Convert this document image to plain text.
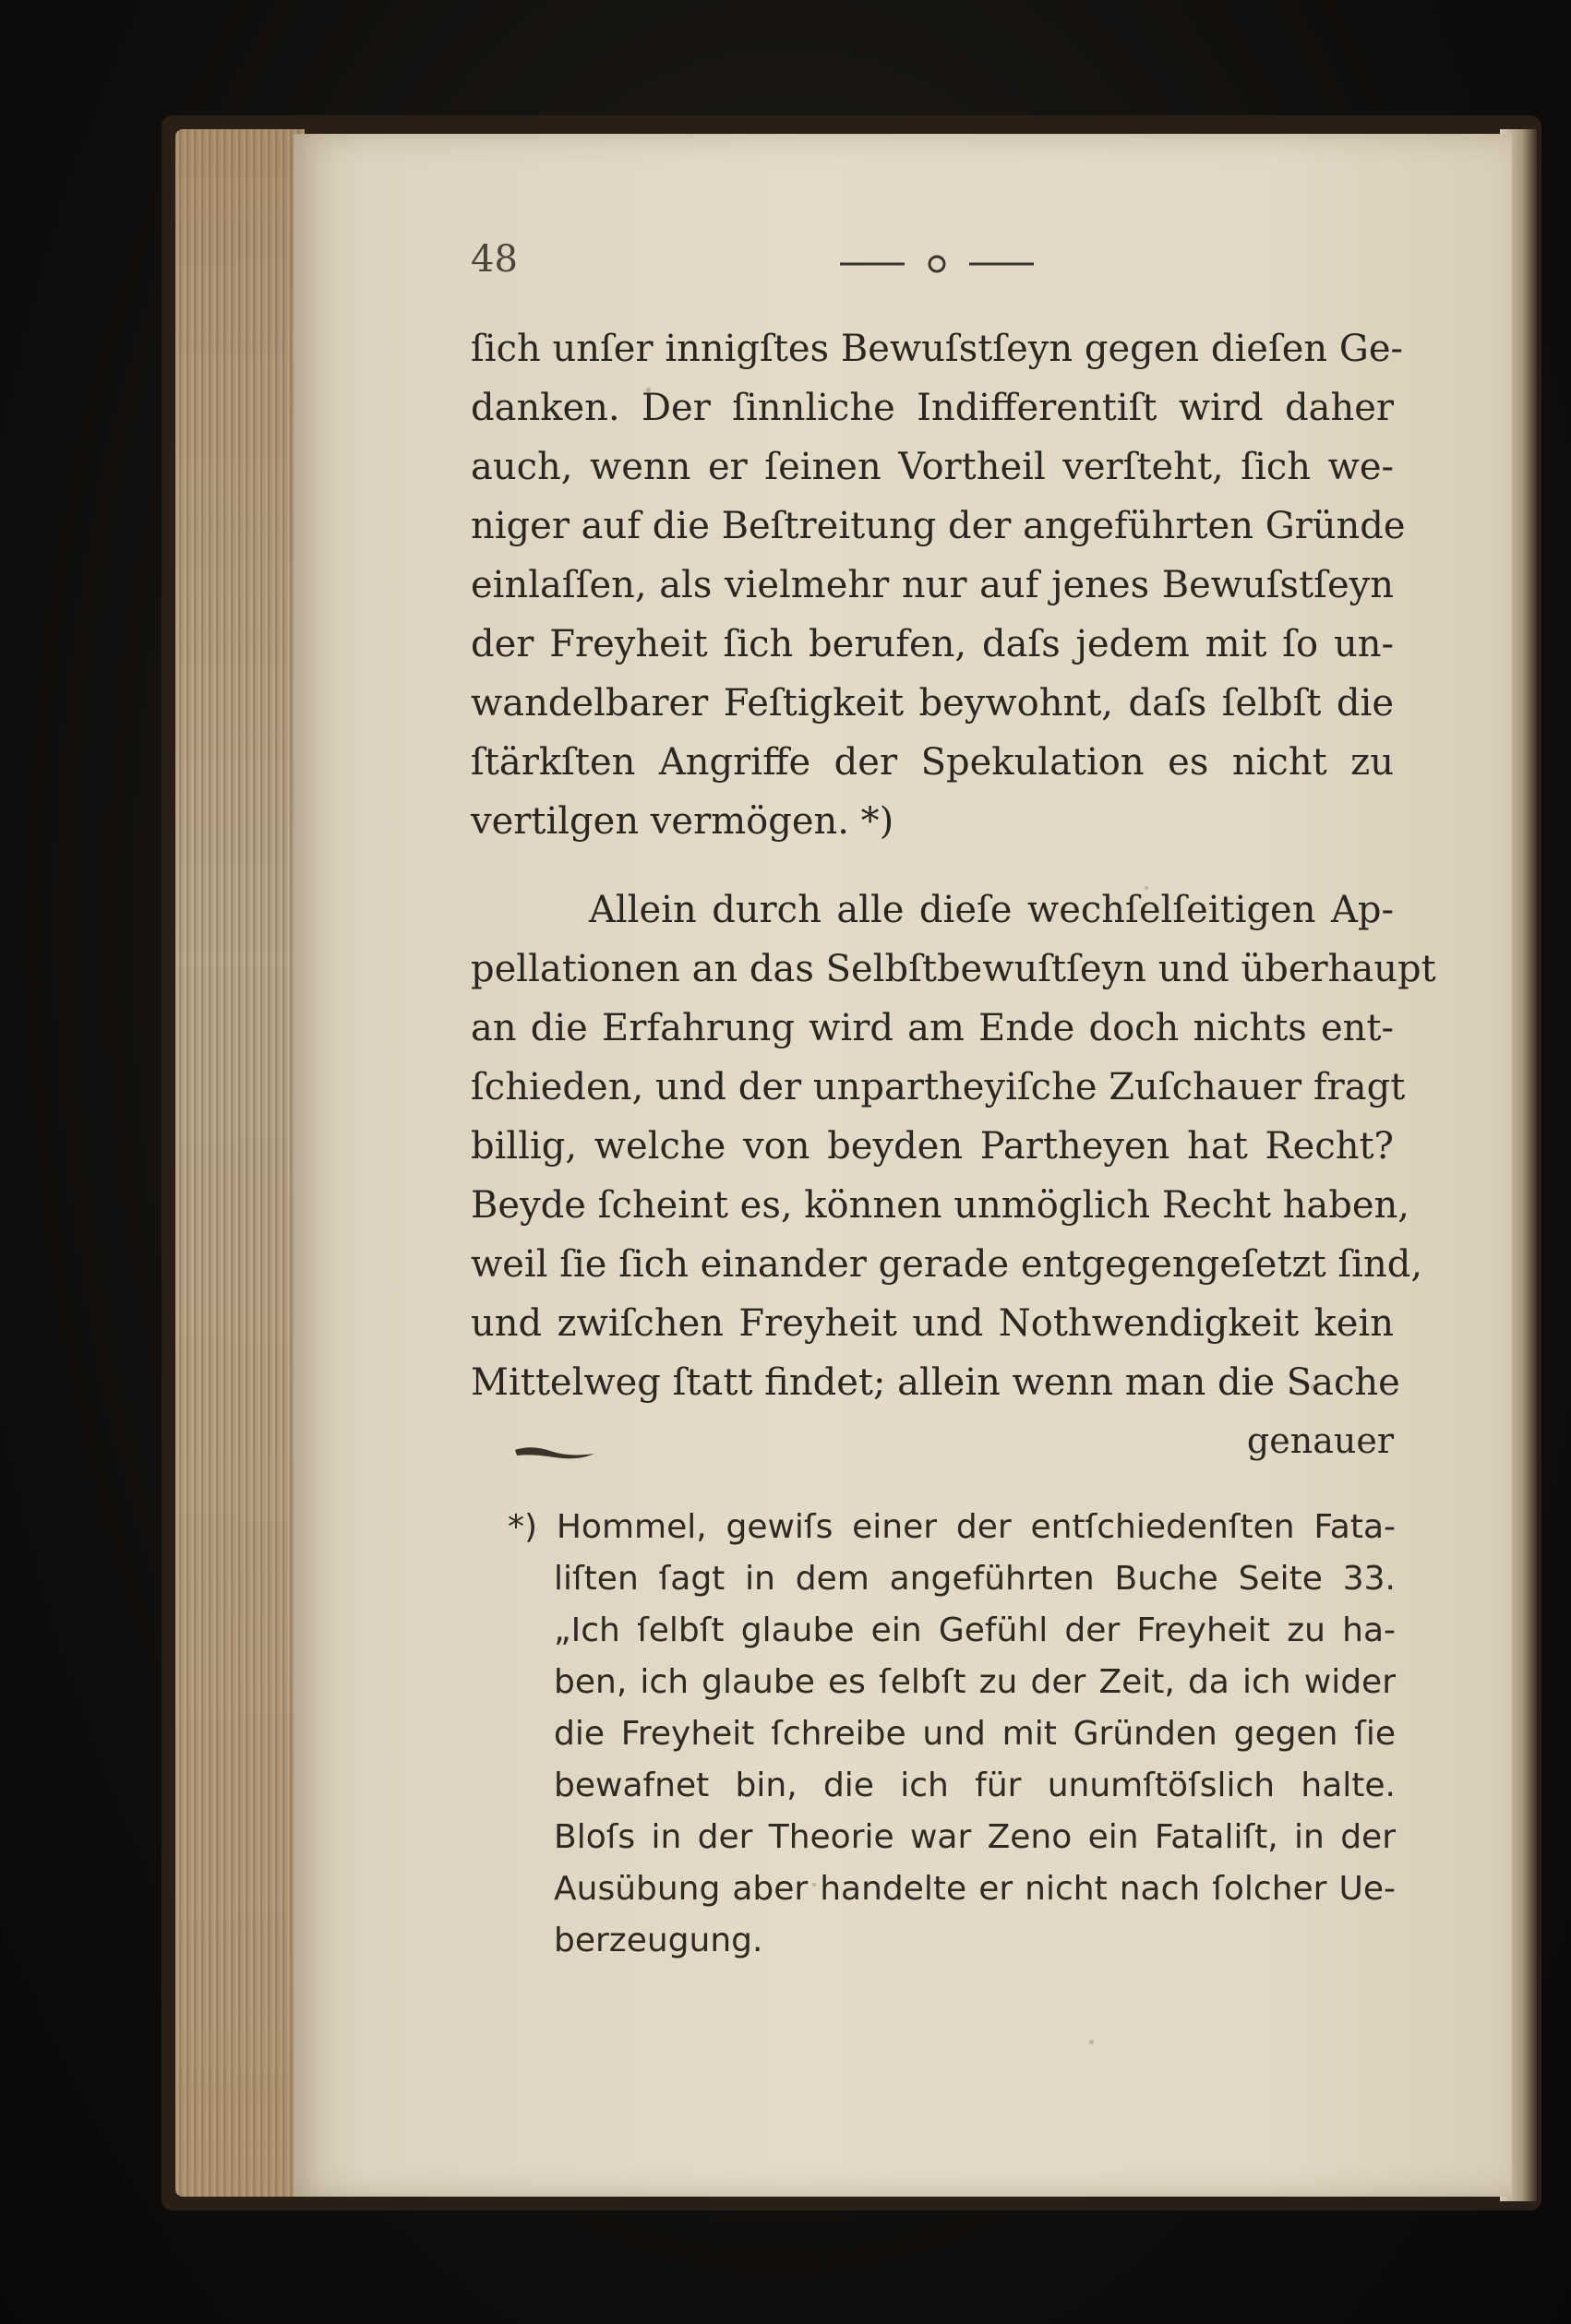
48
ſich unſer innigſtes Bewuſstſeyn gegen dieſen Ge-
danken. Der ſinnliche Indifferentiſt wird daher
auch, wenn er ſeinen Vortheil verſteht, ſich we-
niger auf die Beſtreitung der angeführten Gründe
einlaſſen, als vielmehr nur auf jenes Bewuſstſeyn
der Freyheit ſich berufen, daſs jedem mit ſo un-
wandelbarer Feſtigkeit beywohnt, daſs ſelbſt die
ſtärkſten Angriffe der Spekulation es nicht zu
vertilgen vermögen. *)
Allein durch alle dieſe wechſelſeitigen Ap-
pellationen an das Selbſtbewuſtſeyn und überhaupt
an die Erfahrung wird am Ende doch nichts ent-
ſchieden, und der unpartheyiſche Zuſchauer fragt
billig, welche von beyden Partheyen hat Recht?
Beyde ſcheint es, können unmöglich Recht haben,
weil ſie ſich einander gerade entgegengeſetzt ſind,
und zwiſchen Freyheit und Nothwendigkeit kein
Mittelweg ſtatt findet; allein wenn man die Sache
genauer
*) Hommel, gewiſs einer der entſchiedenſten Fata-
liſten ſagt in dem angeführten Buche Seite 33.
„Ich ſelbſt glaube ein Gefühl der Freyheit zu ha-
ben, ich glaube es ſelbſt zu der Zeit, da ich wider
die Freyheit ſchreibe und mit Gründen gegen ſie
bewafnet bin, die ich für unumſtöſslich halte.
Bloſs in der Theorie war Zeno ein Fataliſt, in der
Ausübung aber handelte er nicht nach ſolcher Ue-
berzeugung.
